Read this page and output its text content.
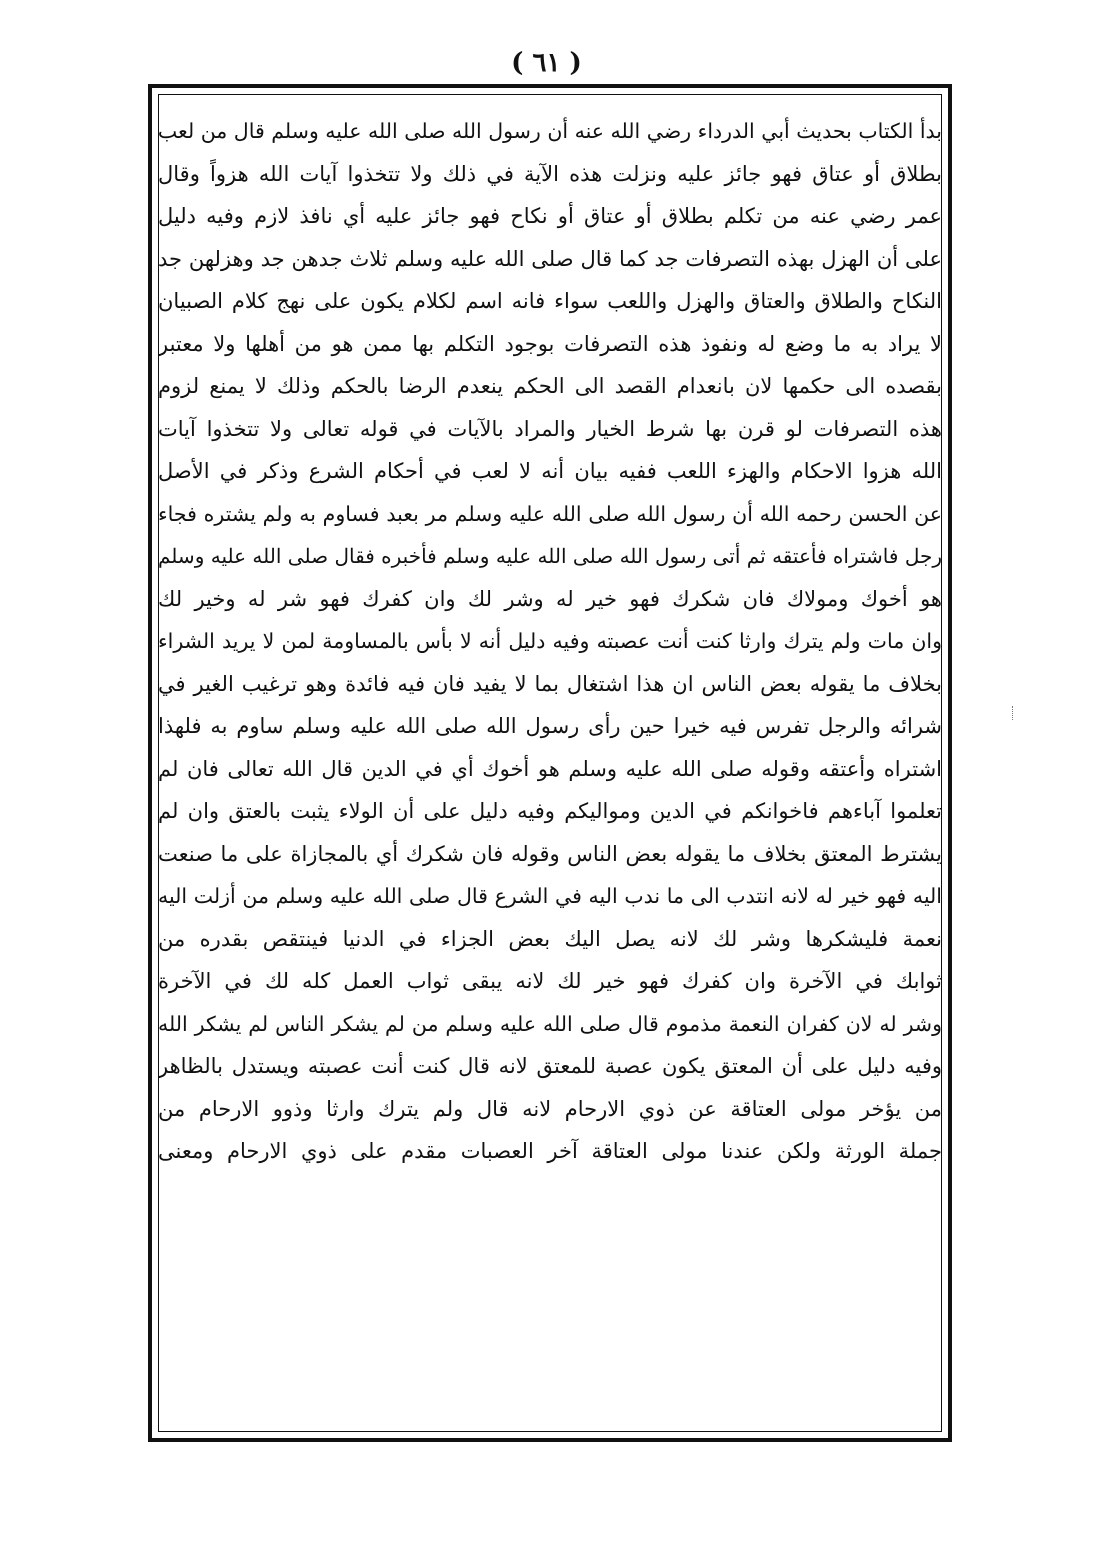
( ٦١ )
بدأ الكتاب بحديث أبي الدرداء رضي الله عنه أن رسول الله صلى الله عليه وسلم قال من لعب
بطلاق أو عتاق فهو جائز عليه ونزلت هذه الآية في ذلك ولا تتخذوا آيات الله هزواً وقال
عمر رضي عنه من تكلم بطلاق أو عتاق أو نكاح فهو جائز عليه أي نافذ لازم وفيه دليل
على أن الهزل بهذه التصرفات جد كما قال صلى الله عليه وسلم ثلاث جدهن جد وهزلهن جد
النكاح والطلاق والعتاق والهزل واللعب سواء فانه اسم لكلام يكون على نهج كلام الصبيان
لا يراد به ما وضع له ونفوذ هذه التصرفات بوجود التكلم بها ممن هو من أهلها ولا معتبر
بقصده الى حكمها لان بانعدام القصد الى الحكم ينعدم الرضا بالحكم وذلك لا يمنع لزوم
هذه التصرفات لو قرن بها شرط الخيار والمراد بالآيات في قوله تعالى ولا تتخذوا آيات
الله هزوا الاحكام والهزء اللعب ففيه بيان أنه لا لعب في أحكام الشرع وذكر في الأصل
عن الحسن رحمه الله أن رسول الله صلى الله عليه وسلم مر بعبد فساوم به ولم يشتره فجاء
رجل فاشتراه فأعتقه ثم أتى رسول الله صلى الله عليه وسلم فأخبره فقال صلى الله عليه وسلم
هو أخوك ومولاك فان شكرك فهو خير له وشر لك وان كفرك فهو شر له وخير لك
وان مات ولم يترك وارثا كنت أنت عصبته وفيه دليل أنه لا بأس بالمساومة لمن لا يريد الشراء
بخلاف ما يقوله بعض الناس ان هذا اشتغال بما لا يفيد فان فيه فائدة وهو ترغيب الغير في
شرائه والرجل تفرس فيه خيرا حين رأى رسول الله صلى الله عليه وسلم ساوم به فلهذا
اشتراه وأعتقه وقوله صلى الله عليه وسلم هو أخوك أي في الدين قال الله تعالى فان لم
تعلموا آباءهم فاخوانكم في الدين ومواليكم وفيه دليل على أن الولاء يثبت بالعتق وان لم
يشترط المعتق بخلاف ما يقوله بعض الناس وقوله فان شكرك أي بالمجازاة على ما صنعت
اليه فهو خير له لانه انتدب الى ما ندب اليه في الشرع قال صلى الله عليه وسلم من أزلت اليه
نعمة فليشكرها وشر لك لانه يصل اليك بعض الجزاء في الدنيا فينتقص بقدره من
ثوابك في الآخرة وان كفرك فهو خير لك لانه يبقى ثواب العمل كله لك في الآخرة
وشر له لان كفران النعمة مذموم قال صلى الله عليه وسلم من لم يشكر الناس لم يشكر الله
وفيه دليل على أن المعتق يكون عصبة للمعتق لانه قال كنت أنت عصبته ويستدل بالظاهر
من يؤخر مولى العتاقة عن ذوي الارحام لانه قال ولم يترك وارثا وذوو الارحام من
جملة الورثة ولكن عندنا مولى العتاقة آخر العصبات مقدم على ذوي الارحام ومعنى
